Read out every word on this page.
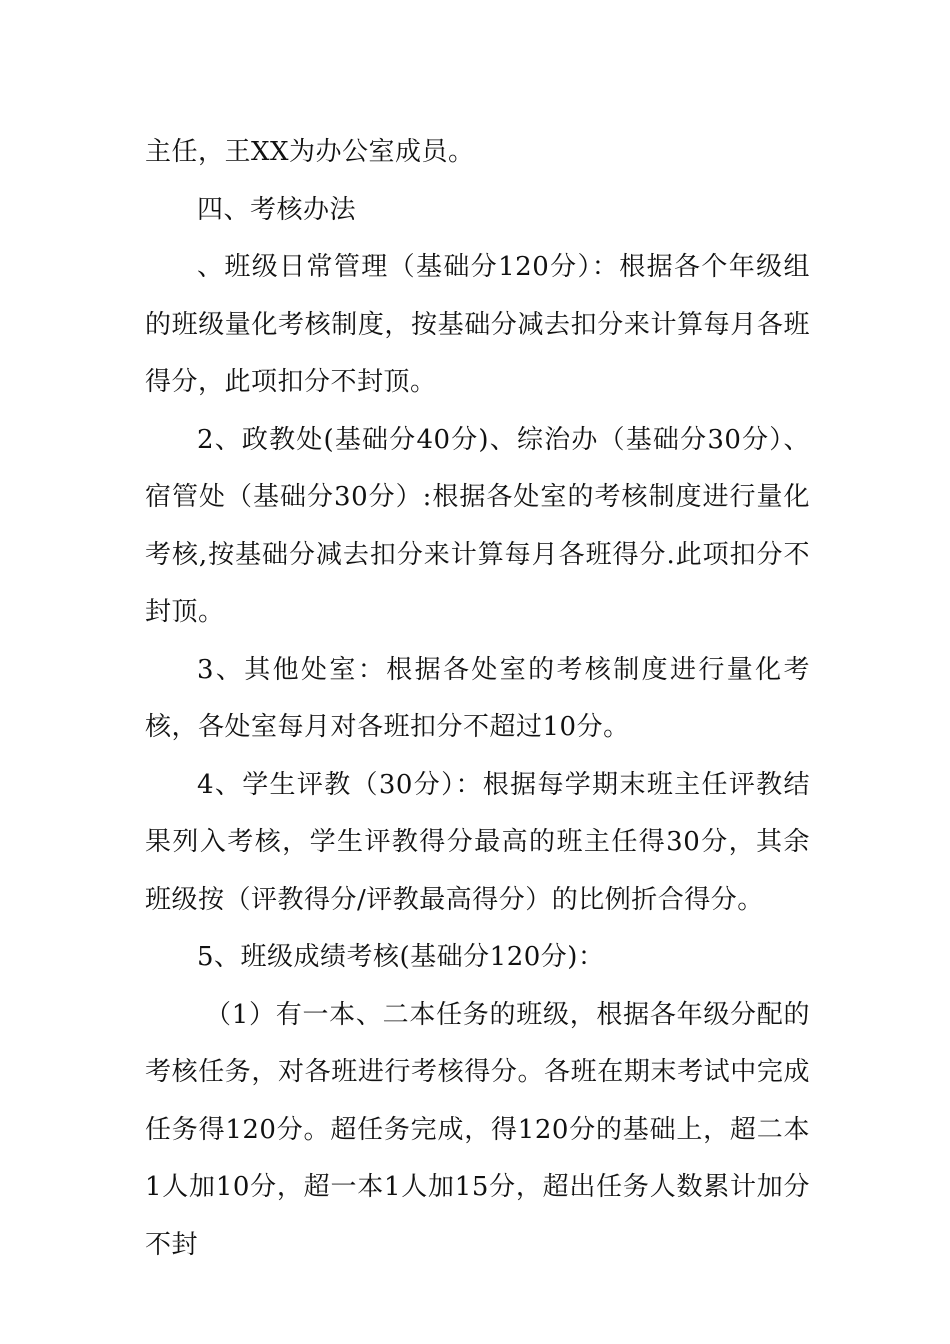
主任，王XX为办公室成员。

四、考核办法

、班级日常管理（基础分120分）：根据各个年级组的班级量化考核制度，按基础分减去扣分来计算每月各班得分，此项扣分不封顶。

2、政教处(基础分40分)、综治办（基础分30分）、宿管处（基础分30分）:根据各处室的考核制度进行量化考核,按基础分减去扣分来计算每月各班得分.此项扣分不封顶。

3、其他处室：根据各处室的考核制度进行量化考核，各处室每月对各班扣分不超过10分。

4、学生评教（30分）：根据每学期末班主任评教结果列入考核，学生评教得分最高的班主任得30分，其余班级按（评教得分/评教最高得分）的比例折合得分。

5、班级成绩考核(基础分120分)：

（1）有一本、二本任务的班级，根据各年级分配的考核任务，对各班进行考核得分。各班在期末考试中完成任务得120分。超任务完成，得120分的基础上，超二本1人加10分，超一本1人加15分，超出任务人数累计加分不封
